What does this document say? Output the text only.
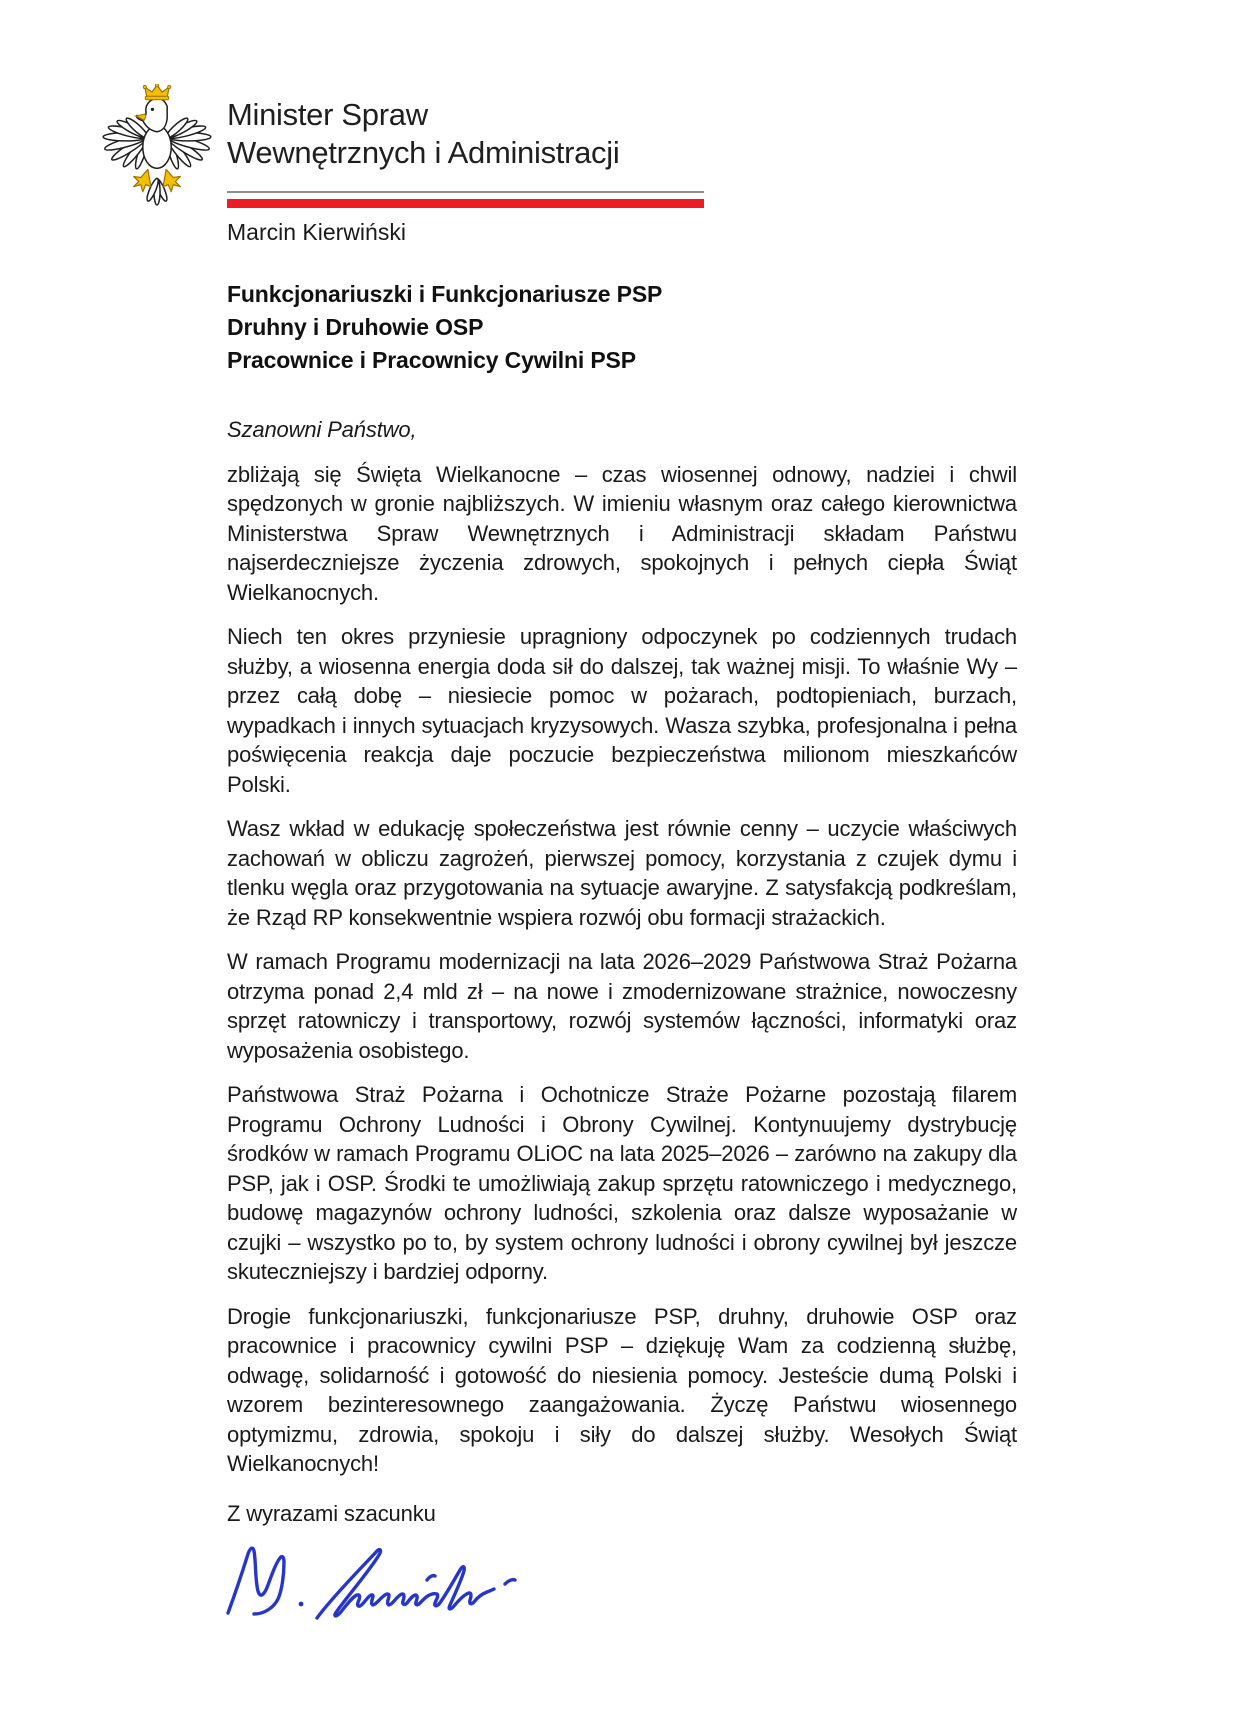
Minister Spraw
Wewnętrznych i Administracji
Marcin Kierwiński
Funkcjonariuszki i Funkcjonariusze PSP
Druhny i Druhowie OSP
Pracownice i Pracownicy Cywilni PSP

Szanowni Państwo,

zbliżają się Święta Wielkanocne – czas wiosennej odnowy, nadziei i chwil spędzonych w gronie najbliższych. W imieniu własnym oraz całego kierownictwa Ministerstwa Spraw Wewnętrznych i Administracji składam Państwu najserdeczniejsze życzenia zdrowych, spokojnych i pełnych ciepła Świąt Wielkanocnych.

Niech ten okres przyniesie upragniony odpoczynek po codziennych trudach służby, a wiosenna energia doda sił do dalszej, tak ważnej misji. To właśnie Wy – przez całą dobę – niesiecie pomoc w pożarach, podtopieniach, burzach, wypadkach i innych sytuacjach kryzysowych. Wasza szybka, profesjonalna i pełna poświęcenia reakcja daje poczucie bezpieczeństwa milionom mieszkańców Polski.

Wasz wkład w edukację społeczeństwa jest równie cenny – uczycie właściwych zachowań w obliczu zagrożeń, pierwszej pomocy, korzystania z czujek dymu i tlenku węgla oraz przygotowania na sytuacje awaryjne. Z satysfakcją podkreślam, że Rząd RP konsekwentnie wspiera rozwój obu formacji strażackich.

W ramach Programu modernizacji na lata 2026–2029 Państwowa Straż Pożarna otrzyma ponad 2,4 mld zł – na nowe i zmodernizowane strażnice, nowoczesny sprzęt ratowniczy i transportowy, rozwój systemów łączności, informatyki oraz wyposażenia osobistego.

Państwowa Straż Pożarna i Ochotnicze Straże Pożarne pozostają filarem Programu Ochrony Ludności i Obrony Cywilnej. Kontynuujemy dystrybucję środków w ramach Programu OLiOC na lata 2025–2026 – zarówno na zakupy dla PSP, jak i OSP. Środki te umożliwiają zakup sprzętu ratowniczego i medycznego, budowę magazynów ochrony ludności, szkolenia oraz dalsze wyposażanie w czujki – wszystko po to, by system ochrony ludności i obrony cywilnej był jeszcze skuteczniejszy i bardziej odporny.

Drogie funkcjonariuszki, funkcjonariusze PSP, druhny, druhowie OSP oraz pracownice i pracownicy cywilni PSP – dziękuję Wam za codzienną służbę, odwagę, solidarność i gotowość do niesienia pomocy. Jesteście dumą Polski i wzorem bezinteresownego zaangażowania. Życzę Państwu wiosennego optymizmu, zdrowia, spokoju i siły do dalszej służby. Wesołych Świąt Wielkanocnych!

Z wyrazami szacunku
